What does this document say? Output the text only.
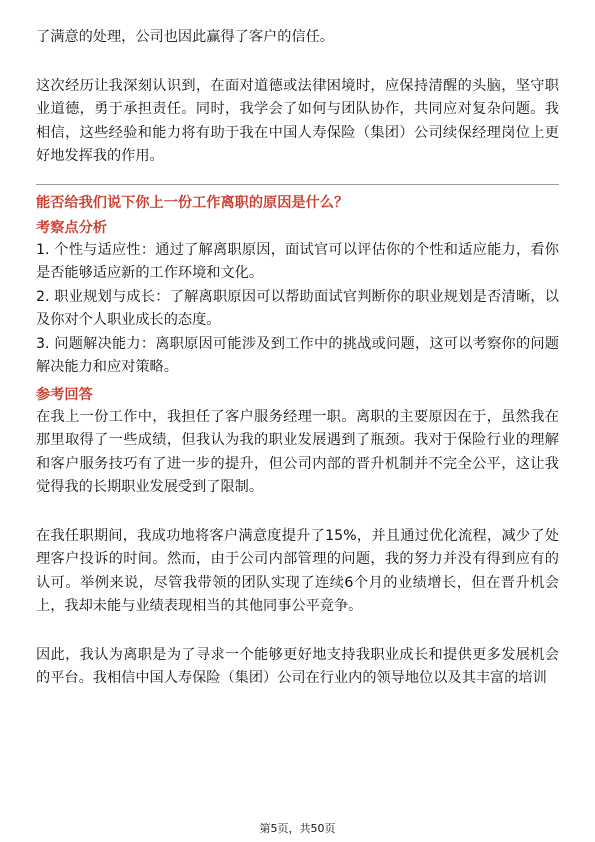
了满意的处理，公司也因此赢得了客户的信任。

这次经历让我深刻认识到，在面对道德或法律困境时，应保持清醒的头脑，坚守职业道德，勇于承担责任。同时，我学会了如何与团队协作，共同应对复杂问题。我相信，这些经验和能力将有助于我在中国人寿保险（集团）公司续保经理岗位上更好地发挥我的作用。

能否给我们说下你上一份工作离职的原因是什么？

考察点分析

1. 个性与适应性：通过了解离职原因，面试官可以评估你的个性和适应能力，看你是否能够适应新的工作环境和文化。

2. 职业规划与成长：了解离职原因可以帮助面试官判断你的职业规划是否清晰，以及你对个人职业成长的态度。

3. 问题解决能力：离职原因可能涉及到工作中的挑战或问题，这可以考察你的问题解决能力和应对策略。

参考回答

在我上一份工作中，我担任了客户服务经理一职。离职的主要原因在于，虽然我在那里取得了一些成绩，但我认为我的职业发展遇到了瓶颈。我对于保险行业的理解和客户服务技巧有了进一步的提升，但公司内部的晋升机制并不完全公平，这让我觉得我的长期职业发展受到了限制。

在我任职期间，我成功地将客户满意度提升了15%，并且通过优化流程，减少了处理客户投诉的时间。然而，由于公司内部管理的问题，我的努力并没有得到应有的认可。举例来说，尽管我带领的团队实现了连续6个月的业绩增长，但在晋升机会上，我却未能与业绩表现相当的其他同事公平竞争。

因此，我认为离职是为了寻求一个能够更好地支持我职业成长和提供更多发展机会的平台。我相信中国人寿保险（集团）公司在行业内的领导地位以及其丰富的培训

第5页，共50页
